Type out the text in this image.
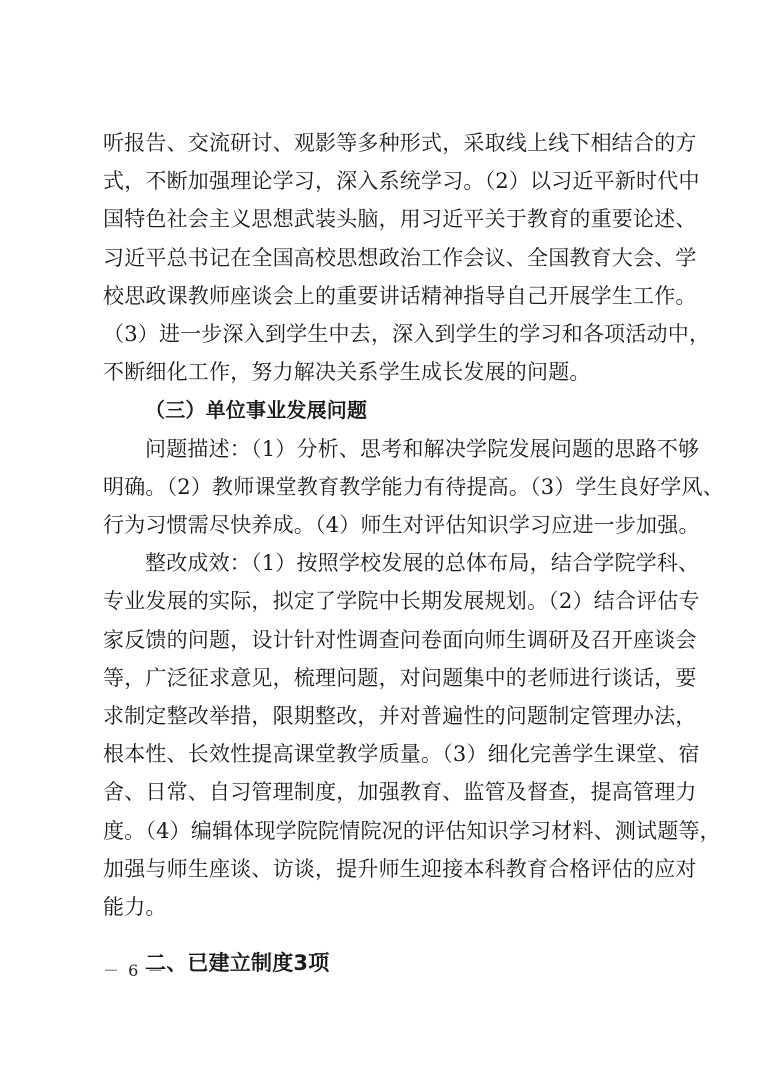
听报告、交流研讨、观影等多种形式，采取线上线下相结合的方
式，不断加强理论学习，深入系统学习。（2）以习近平新时代中
国特色社会主义思想武装头脑，用习近平关于教育的重要论述、
习近平总书记在全国高校思想政治工作会议、全国教育大会、学
校思政课教师座谈会上的重要讲话精神指导自己开展学生工作。
（3）进一步深入到学生中去，深入到学生的学习和各项活动中，
不断细化工作，努力解决关系学生成长发展的问题。
（三）单位事业发展问题
问题描述：（1）分析、思考和解决学院发展问题的思路不够
明确。（2）教师课堂教育教学能力有待提高。（3）学生良好学风、
行为习惯需尽快养成。（4）师生对评估知识学习应进一步加强。
整改成效：（1）按照学校发展的总体布局，结合学院学科、
专业发展的实际，拟定了学院中长期发展规划。（2）结合评估专
家反馈的问题，设计针对性调查问卷面向师生调研及召开座谈会
等，广泛征求意见，梳理问题，对问题集中的老师进行谈话，要
求制定整改举措，限期整改，并对普遍性的问题制定管理办法，
根本性、长效性提高课堂教学质量。（3）细化完善学生课堂、宿
舍、日常、自习管理制度，加强教育、监管及督查，提高管理力
度。（4）编辑体现学院院情院况的评估知识学习材料、测试题等，
加强与师生座谈、访谈，提升师生迎接本科教育合格评估的应对
能力。
二、已建立制度3项
－ 6 －
